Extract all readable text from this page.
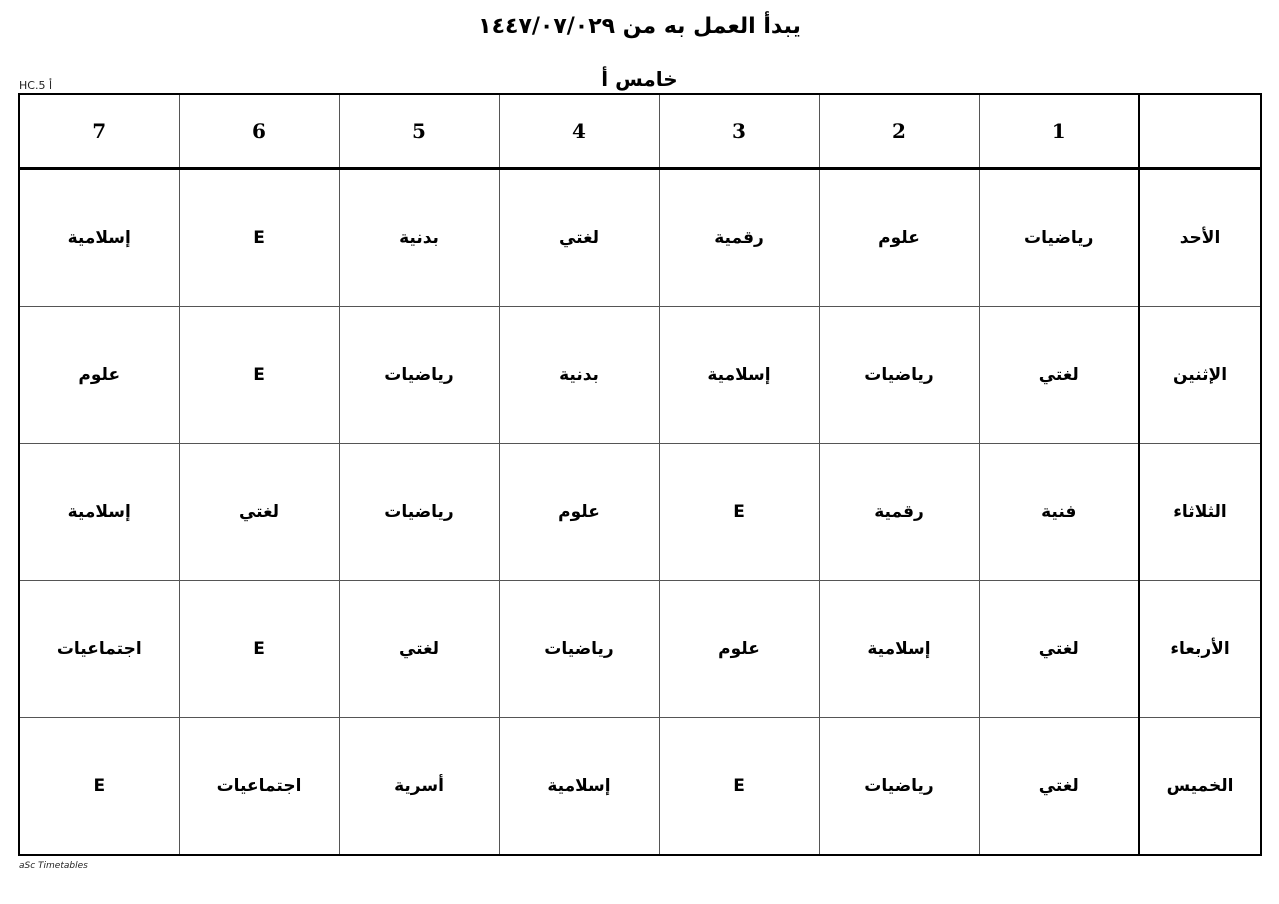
يبدأ العمل به من ١٤٤٧/٠٧/٠٢٩
HC.5 أ	خامس أ
7	6	5	4	3	2	1	
إسلامية	E	بدنية	لغتي	رقمية	علوم	رياضيات	الأحد
علوم	E	رياضيات	بدنية	إسلامية	رياضيات	لغتي	الإثنين
إسلامية	لغتي	رياضيات	علوم	E	رقمية	فنية	الثلاثاء
اجتماعيات	E	لغتي	رياضيات	علوم	إسلامية	لغتي	الأربعاء
E	اجتماعيات	أسرية	إسلامية	E	رياضيات	لغتي	الخميس
aSc Timetables
